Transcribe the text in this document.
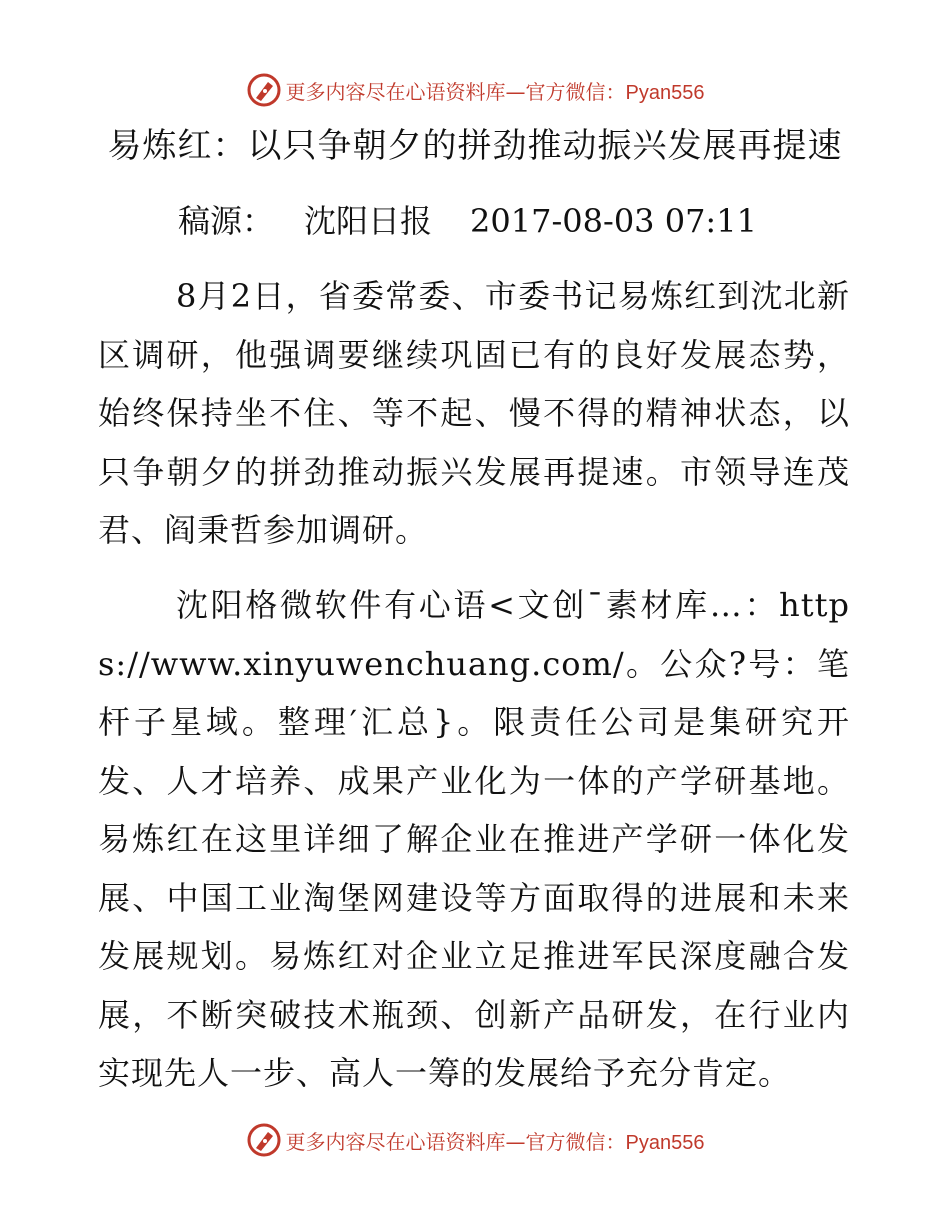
更多内容尽在心语资料库—官方微信：Pyan556
易炼红：以只争朝夕的拼劲推动振兴发展再提速
稿源： 沈阳日报 2017-08-03 07:11
8月2日，省委常委、市委书记易炼红到沈北新区调研，他强调要继续巩固已有的良好发展态势，始终保持坐不住、等不起、慢不得的精神状态，以只争朝夕的拼劲推动振兴发展再提速。市领导连茂君、阎秉哲参加调研。
沈阳格微软件有心语<文创¯素材库…：https://www.xinyuwenchuang.com/。公众?号：笔杆子星域。整理′汇总}。限责任公司是集研究开发、人才培养、成果产业化为一体的产学研基地。易炼红在这里详细了解企业在推进产学研一体化发展、中国工业淘堡网建设等方面取得的进展和未来发展规划。易炼红对企业立足推进军民深度融合发展，不断突破技术瓶颈、创新产品研发，在行业内实现先人一步、高人一筹的发展给予充分肯定。
更多内容尽在心语资料库—官方微信：Pyan556
